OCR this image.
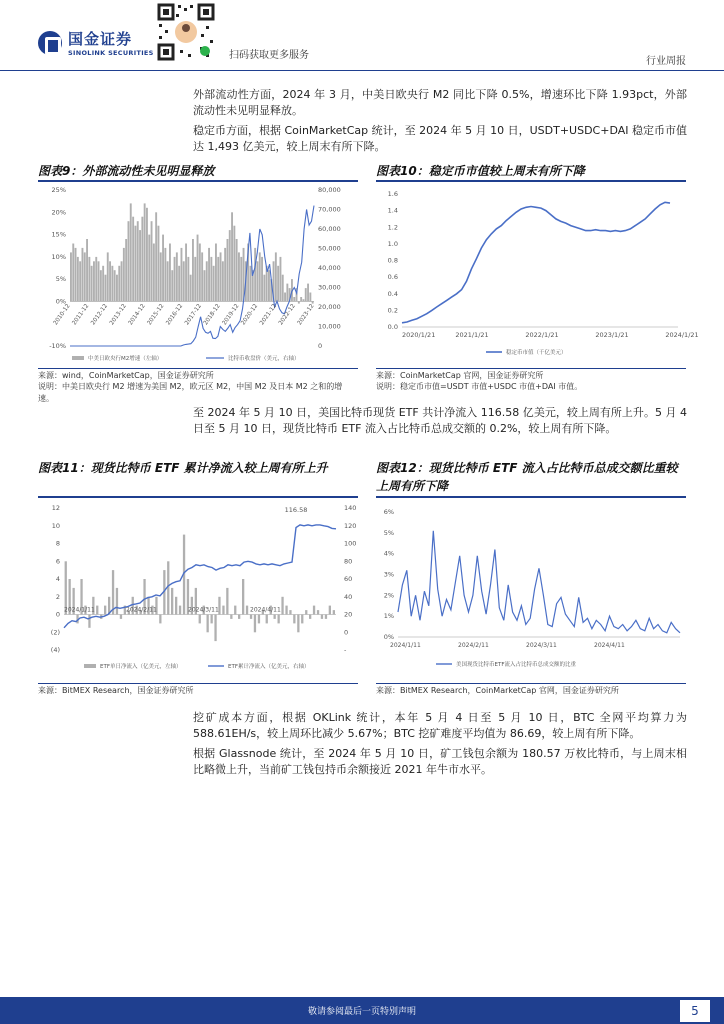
国金证券
SINOLINK SECURITIES	扫码获取更多服务
行业周报

外部流动性方面，2024 年 3 月，中美日欧央行 M2 同比下降 0.5%，增速环比下降 1.93pct，外部流动性未见明显释放。

稳定币方面，根据 CoinMarketCap 统计，至 2024 年 5 月 10 日，USDT+USDC+DAI 稳定币市值达 1,493 亿美元，较上周末有所下降。

图表9：外部流动性未见明显释放
25%
20%
15%
10%
5%
0%
-10%
80,000
70,000
60,000
50,000
40,000
30,000
20,000
10,000
0
2010-12 2011-12 2012-12 2013-12 2014-12 2015-12 2016-12 2017-12 2018-12 2019-12 2020-12 2021-12 2022-12 2023-12
中美日欧央行M2增速（左轴）	比特币收盘价（美元，右轴）
来源：wind，CoinMarketCap，国金证券研究所
说明：中美日欧央行 M2 增速为美国 M2，欧元区 M2，中国 M2 及日本 M2 之和的增速。
图表10：稳定币市值较上周末有所下降
1.6
1.4
1.2
1.0
0.8
0.6
0.4
0.2
0.0
2020/1/21	2021/1/21	2022/1/21	2023/1/21	2024/1/21
稳定币市值（千亿美元）
来源：CoinMarketCap 官网，国金证券研究所
说明：稳定币市值=USDT 市值+USDC 市值+DAI 市值。

至 2024 年 5 月 10 日，美国比特币现货 ETF 共计净流入 116.58 亿美元，较上周有所上升。5 月 4 日至 5 月 10 日，现货比特币 ETF 流入占比特币总成交额的 0.2%，较上周有所下降。

图表11：现货比特币 ETF 累计净流入较上周有所上升
12
10
8
6
4
2
0
(2)
(4)
140
120
100
80
60
40
20
0
-
2024/1/11	2024/2/11	2024/3/11	2024/4/11
116.58
ETF单日净流入（亿美元，左轴）	ETF累计净流入（亿美元，右轴）
来源：BitMEX Research，国金证券研究所
图表12：现货比特币 ETF 流入占比特币总成交额比重较上周有所下降
6%
5%
4%
3%
2%
1%
0%
2024/1/11	2024/2/11	2024/3/11	2024/4/11
美国现货比特币ETF流入占比特币总成交额的比重
来源：BitMEX Research，CoinMarketCap 官网，国金证券研究所

挖矿成本方面，根据 OKLink 统计，本年 5 月 4 日至 5 月 10 日，BTC 全网平均算力为 588.61EH/s，较上周环比减少 5.67%；BTC 挖矿难度平均值为 86.69，较上周有所下降。

根据 Glassnode 统计，至 2024 年 5 月 10 日，矿工钱包余额为 180.57 万枚比特币，与上周末相比略微上升，当前矿工钱包持币余额接近 2021 年牛市水平。

敬请参阅最后一页特别声明	5
